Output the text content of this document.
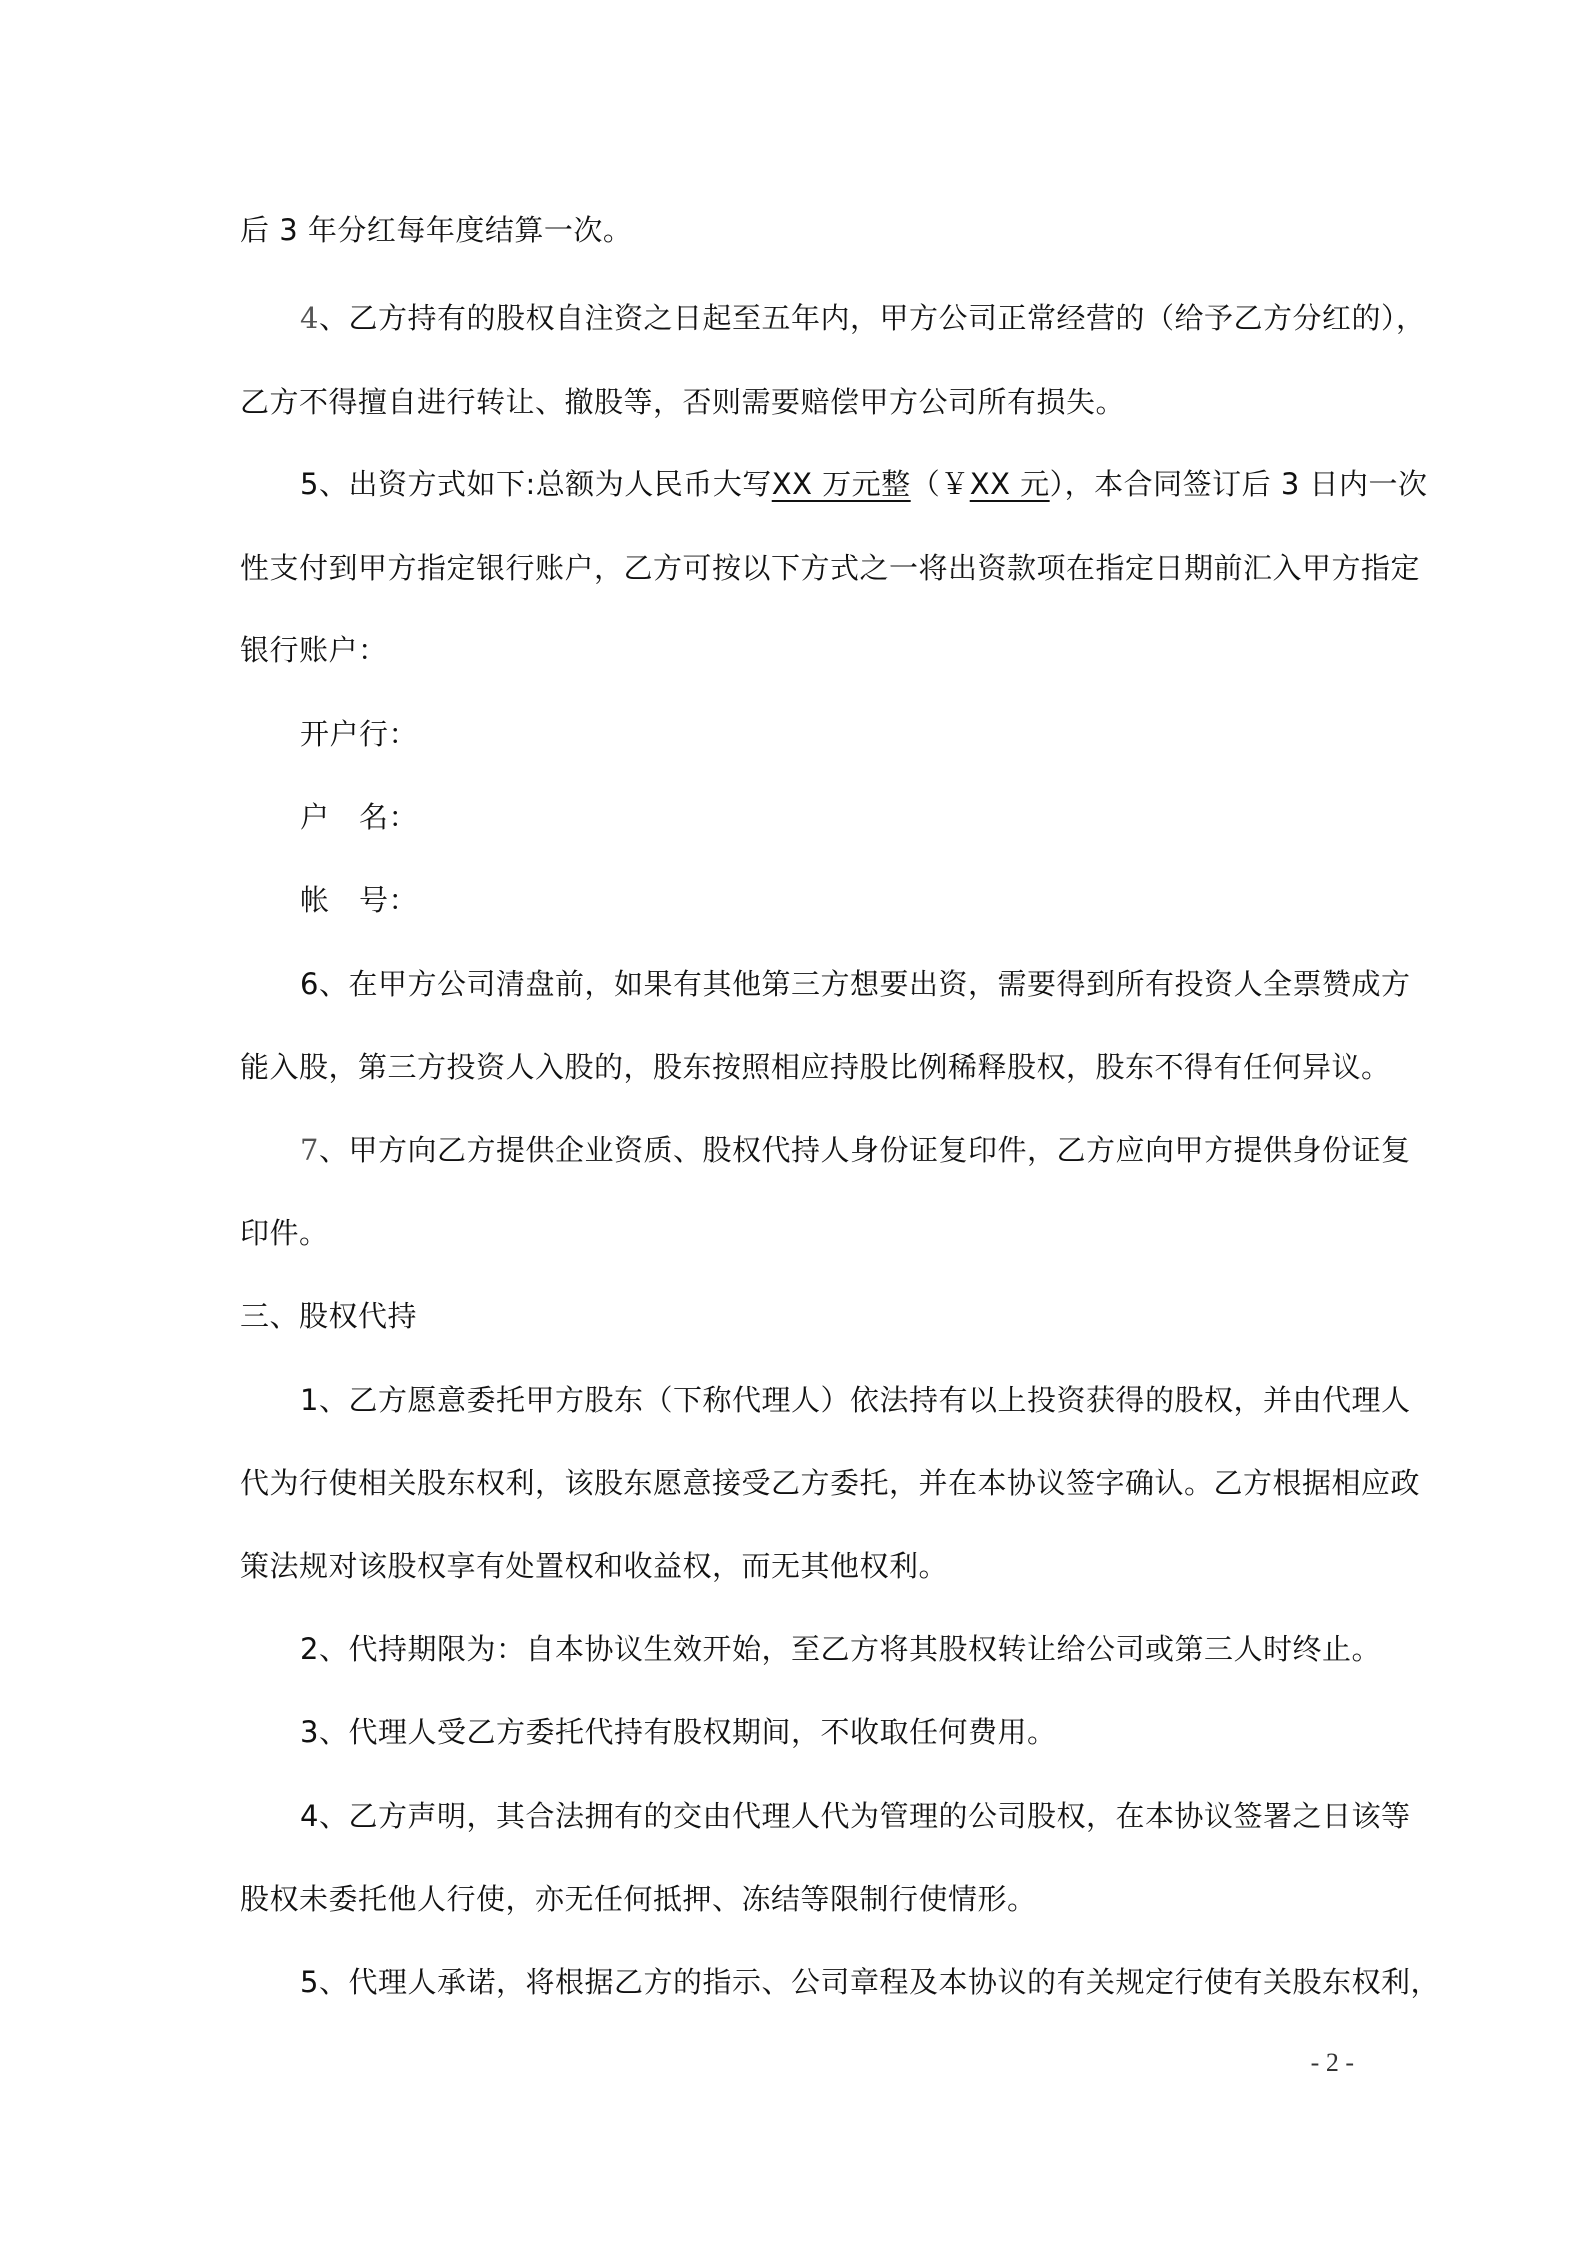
后 3 年分红每年度结算一次。
4、乙方持有的股权自注资之日起至五年内，甲方公司正常经营的（给予乙方分红的），
乙方不得擅自进行转让、撤股等，否则需要赔偿甲方公司所有损失。
5、出资方式如下:总额为人民币大写XX 万元整（￥XX 元），本合同签订后 3 日内一次
性支付到甲方指定银行账户，乙方可按以下方式之一将出资款项在指定日期前汇入甲方指定
银行账户：
开户行：
户　名：
帐　号：
6、在甲方公司清盘前，如果有其他第三方想要出资，需要得到所有投资人全票赞成方
能入股，第三方投资人入股的，股东按照相应持股比例稀释股权，股东不得有任何异议。
7、甲方向乙方提供企业资质、股权代持人身份证复印件，乙方应向甲方提供身份证复
印件。
三、股权代持
1、乙方愿意委托甲方股东（下称代理人）依法持有以上投资获得的股权，并由代理人
代为行使相关股东权利，该股东愿意接受乙方委托，并在本协议签字确认。乙方根据相应政
策法规对该股权享有处置权和收益权，而无其他权利。
2、代持期限为：自本协议生效开始，至乙方将其股权转让给公司或第三人时终止。
3、代理人受乙方委托代持有股权期间，不收取任何费用。
4、乙方声明，其合法拥有的交由代理人代为管理的公司股权，在本协议签署之日该等
股权未委托他人行使，亦无任何抵押、冻结等限制行使情形。
5、代理人承诺，将根据乙方的指示、公司章程及本协议的有关规定行使有关股东权利，
- 2 -
